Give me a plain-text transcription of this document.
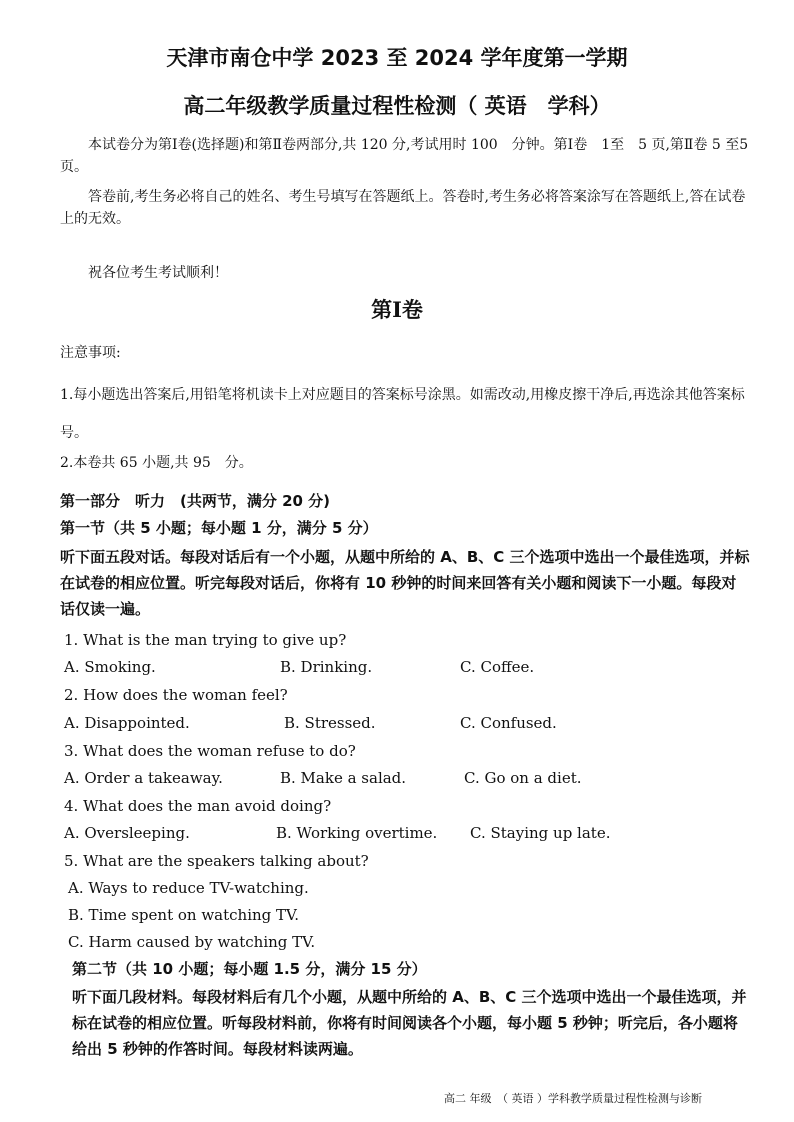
天津市南仓中学 2023 至 2024 学年度第一学期
高二年级教学质量过程性检测（ 英语　学科）
本试卷分为第Ⅰ卷(选择题)和第Ⅱ卷两部分,共 120 分,考试用时 100　分钟。第Ⅰ卷　1至　5 页,第Ⅱ卷 5 至5 页。
答卷前,考生务必将自己的姓名、考生号填写在答题纸上。答卷时,考生务必将答案涂写在答题纸上,答在试卷上的无效。
祝各位考生考试顺利！
第Ⅰ卷
注意事项:
1.每小题选出答案后,用铅笔将机读卡上对应题目的答案标号涂黑。如需改动,用橡皮擦干净后,再选涂其他答案标号。
2.本卷共 65 小题,共 95　分。
第一部分　听力　(共两节，满分 20 分)
第一节（共 5 小题；每小题 1 分，满分 5 分）
听下面五段对话。每段对话后有一个小题，从题中所给的 A、B、C 三个选项中选出一个最佳选项，并标在试卷的相应位置。听完每段对话后，你将有 10 秒钟的时间来回答有关小题和阅读下一小题。每段对话仅读一遍。
1. What is the man trying to give up?
A. Smoking.	B. Drinking.	C. Coffee.
2. How does the woman feel?
A. Disappointed.	B. Stressed.	C. Confused.
3. What does the woman refuse to do?
A. Order a takeaway.	B. Make a salad.	C. Go on a diet.
4. What does the man avoid doing?
A. Oversleeping.	B. Working overtime. C. Staying up late.
5. What are the speakers talking about?
A. Ways to reduce TV-watching.
B. Time spent on watching TV.
C. Harm caused by watching TV.
第二节（共 10 小题；每小题 1.5 分，满分 15 分）
听下面几段材料。每段材料后有几个小题，从题中所给的 A、B、C 三个选项中选出一个最佳选项，并标在试卷的相应位置。听每段材料前，你将有时间阅读各个小题，每小题 5 秒钟；听完后，各小题将给出 5 秒钟的作答时间。每段材料读两遍。
高二 年级　（ 英语 ）学科教学质量过程性检测与诊断
